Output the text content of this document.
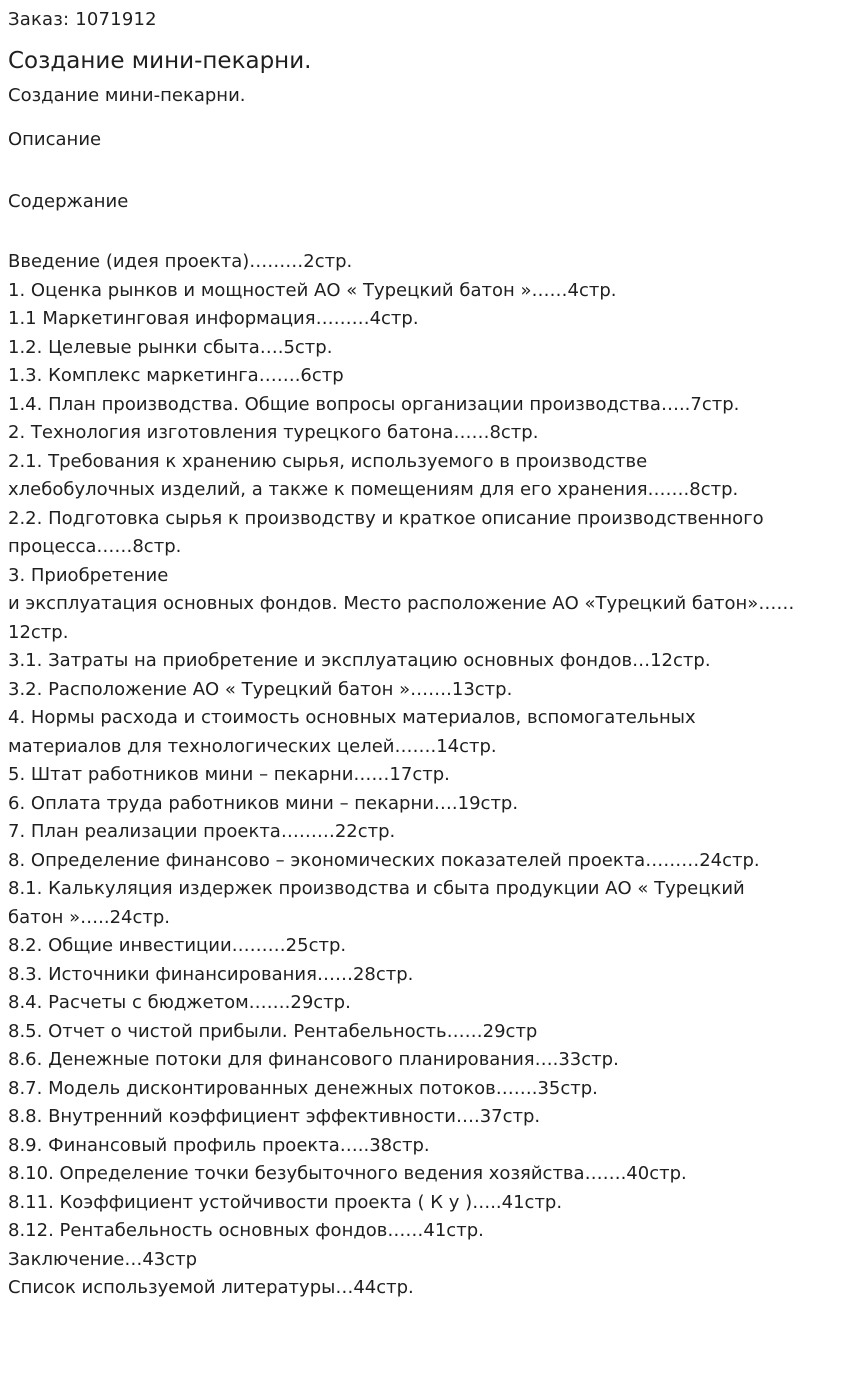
Заказ: 1071912

Создание мини-пекарни.

Создание мини-пекарни.

Описание

Содержание

Введение (идея проекта)………2стр.
1. Оценка рынков и мощностей АО « Турецкий батон »……4стр.
1.1 Маркетинговая информация………4стр.
1.2. Целевые рынки сбыта….5стр.
1.3. Комплекс маркетинга…….6стр
1.4. План производства. Общие вопросы организации производства…..7стр.
2. Технология изготовления турецкого батона……8стр.
2.1. Требования к хранению сырья, используемого в производстве
хлебобулочных изделий, а также к помещениям для его хранения…….8стр.
2.2. Подготовка сырья к производству и краткое описание производственного
процесса……8стр.
3. Приобретение
и эксплуатация основных фондов. Место расположение АО «Турецкий батон»……
12стр.
3.1. Затраты на приобретение и эксплуатацию основных фондов…12стр.
3.2. Расположение АО « Турецкий батон »…….13стр.
4. Нормы расхода и стоимость основных материалов, вспомогательных
материалов для технологических целей…….14стр.
5. Штат работников мини – пекарни……17стр.
6. Оплата труда работников мини – пекарни….19стр.
7. План реализации проекта………22стр.
8. Определение финансово – экономических показателей проекта………24стр.
8.1. Калькуляция издержек производства и сбыта продукции АО « Турецкий
батон »…..24стр.
8.2. Общие инвестиции………25стр.
8.3. Источники финансирования……28стр.
8.4. Расчеты с бюджетом…….29стр.
8.5. Отчет о чистой прибыли. Рентабельность……29стр
8.6. Денежные потоки для финансового планирования….33стр.
8.7. Модель дисконтированных денежных потоков…….35стр.
8.8. Внутренний коэффициент эффективности….37стр.
8.9. Финансовый профиль проекта…..38стр.
8.10. Определение точки безубыточного ведения хозяйства…….40стр.
8.11. Коэффициент устойчивости проекта ( К у )…..41стр.
8.12. Рентабельность основных фондов……41стр.
Заключение…43стр
Список используемой литературы…44стр.
